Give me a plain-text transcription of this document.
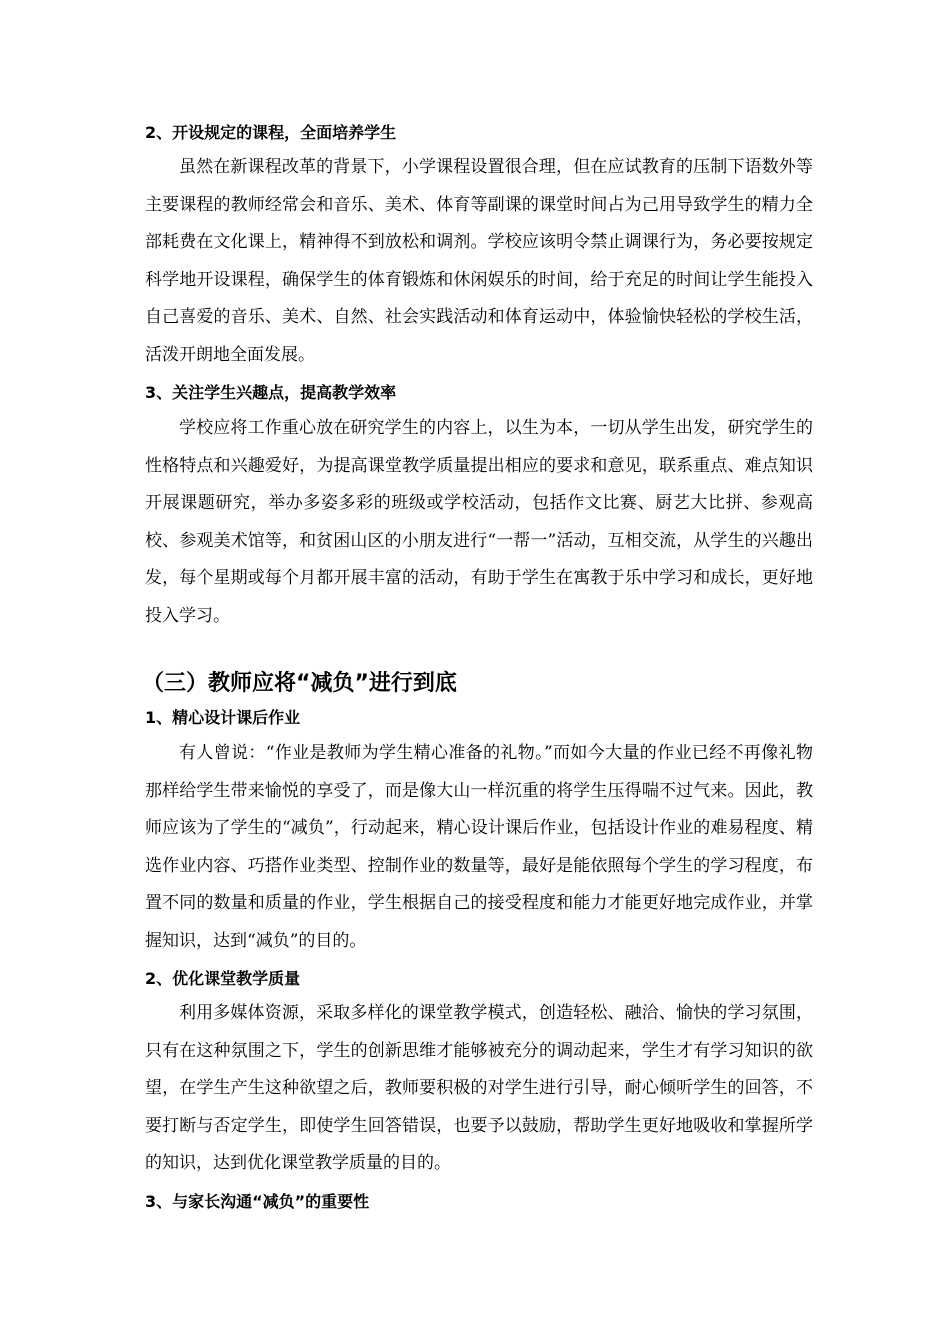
2、开设规定的课程，全面培养学生

虽然在新课程改革的背景下，小学课程设置很合理，但在应试教育的压制下语数外等主要课程的教师经常会和音乐、美术、体育等副课的课堂时间占为己用导致学生的精力全部耗费在文化课上，精神得不到放松和调剂。学校应该明令禁止调课行为，务必要按规定科学地开设课程，确保学生的体育锻炼和休闲娱乐的时间，给于充足的时间让学生能投入自己喜爱的音乐、美术、自然、社会实践活动和体育运动中，体验愉快轻松的学校生活，活泼开朗地全面发展。

3、关注学生兴趣点，提高教学效率

学校应将工作重心放在研究学生的内容上，以生为本，一切从学生出发，研究学生的性格特点和兴趣爱好，为提高课堂教学质量提出相应的要求和意见，联系重点、难点知识开展课题研究，举办多姿多彩的班级或学校活动，包括作文比赛、厨艺大比拼、参观高校、参观美术馆等，和贫困山区的小朋友进行“一帮一”活动，互相交流，从学生的兴趣出发，每个星期或每个月都开展丰富的活动，有助于学生在寓教于乐中学习和成长，更好地投入学习。

（三）教师应将“减负”进行到底
1、精心设计课后作业

有人曾说：“作业是教师为学生精心准备的礼物。”而如今大量的作业已经不再像礼物那样给学生带来愉悦的享受了，而是像大山一样沉重的将学生压得喘不过气来。因此，教师应该为了学生的“减负”，行动起来，精心设计课后作业，包括设计作业的难易程度、精选作业内容、巧搭作业类型、控制作业的数量等，最好是能依照每个学生的学习程度，布置不同的数量和质量的作业，学生根据自己的接受程度和能力才能更好地完成作业，并掌握知识，达到“减负”的目的。

2、优化课堂教学质量

利用多媒体资源，采取多样化的课堂教学模式，创造轻松、融洽、愉快的学习氛围，只有在这种氛围之下，学生的创新思维才能够被充分的调动起来，学生才有学习知识的欲望，在学生产生这种欲望之后，教师要积极的对学生进行引导，耐心倾听学生的回答，不要打断与否定学生，即使学生回答错误，也要予以鼓励，帮助学生更好地吸收和掌握所学的知识，达到优化课堂教学质量的目的。

3、与家长沟通“减负”的重要性
